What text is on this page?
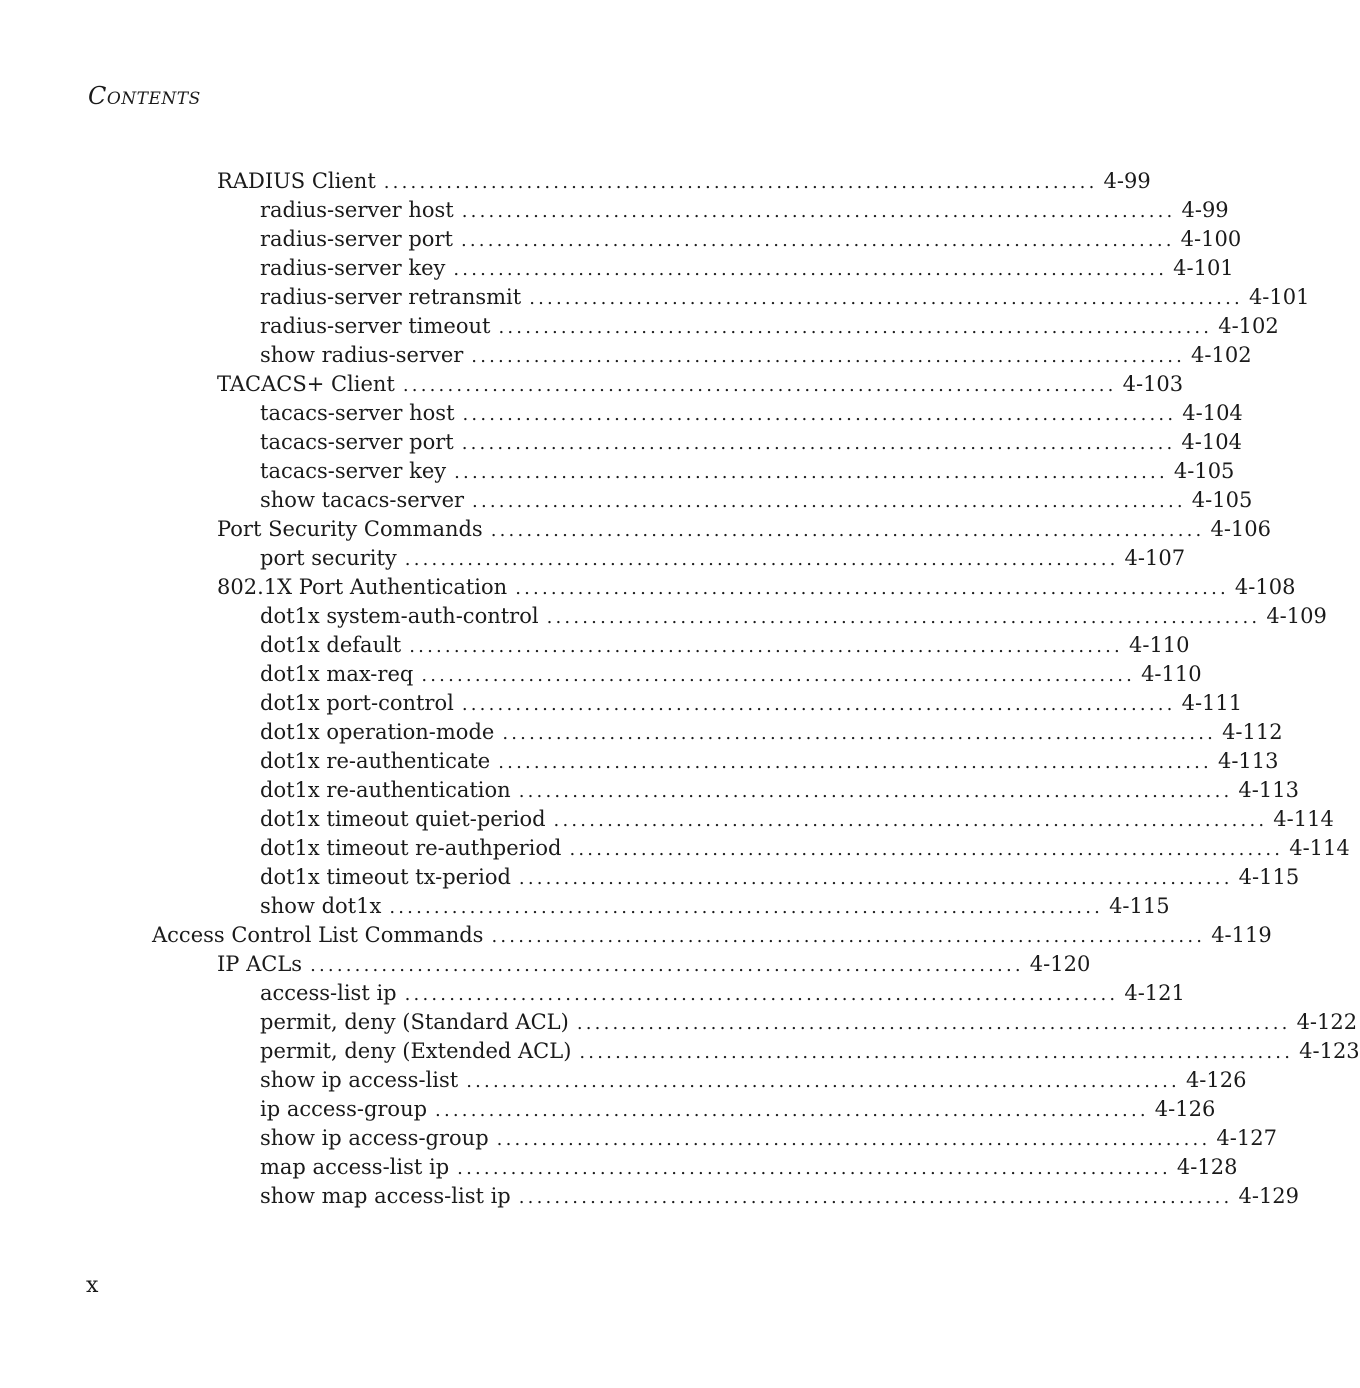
CONTENTS
RADIUS Client ................................................................................ 4-99
radius-server host ................................................................................ 4-99
radius-server port ................................................................................ 4-100
radius-server key ................................................................................ 4-101
radius-server retransmit ................................................................................ 4-101
radius-server timeout ................................................................................ 4-102
show radius-server ................................................................................ 4-102
TACACS+ Client ................................................................................ 4-103
tacacs-server host ................................................................................ 4-104
tacacs-server port ................................................................................ 4-104
tacacs-server key ................................................................................ 4-105
show tacacs-server ................................................................................ 4-105
Port Security Commands ................................................................................ 4-106
port security ................................................................................ 4-107
802.1X Port Authentication ................................................................................ 4-108
dot1x system-auth-control ................................................................................ 4-109
dot1x default ................................................................................ 4-110
dot1x max-req ................................................................................ 4-110
dot1x port-control ................................................................................ 4-111
dot1x operation-mode ................................................................................ 4-112
dot1x re-authenticate ................................................................................ 4-113
dot1x re-authentication ................................................................................ 4-113
dot1x timeout quiet-period ................................................................................ 4-114
dot1x timeout re-authperiod ................................................................................ 4-114
dot1x timeout tx-period ................................................................................ 4-115
show dot1x ................................................................................ 4-115
Access Control List Commands ................................................................................ 4-119
IP ACLs ................................................................................ 4-120
access-list ip ................................................................................ 4-121
permit, deny (Standard ACL) ................................................................................ 4-122
permit, deny (Extended ACL) ................................................................................ 4-123
show ip access-list ................................................................................ 4-126
ip access-group ................................................................................ 4-126
show ip access-group ................................................................................ 4-127
map access-list ip ................................................................................ 4-128
show map access-list ip ................................................................................ 4-129
x
